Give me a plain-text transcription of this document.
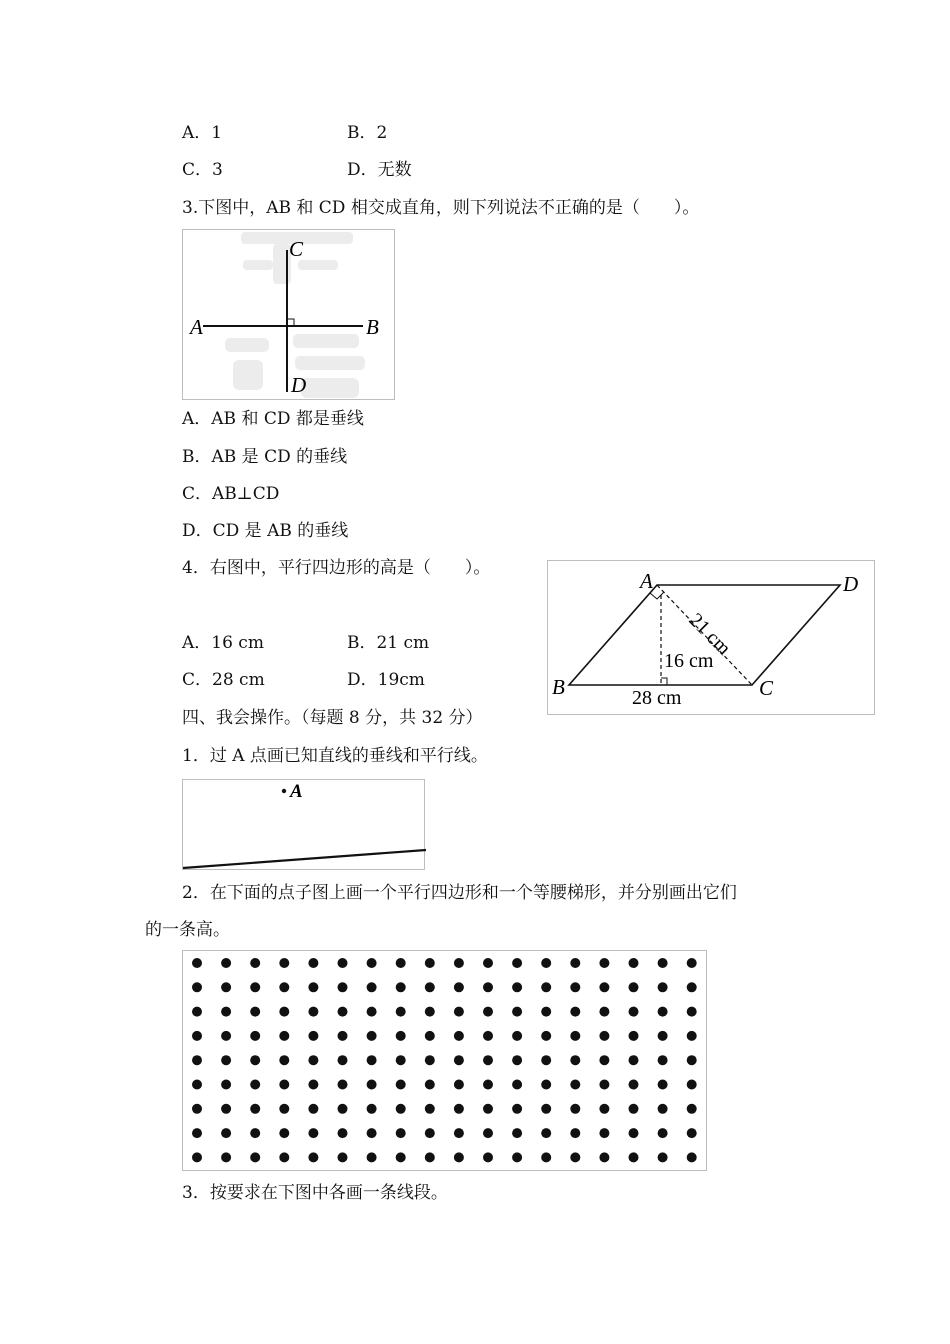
A．1	B．2
C．3	D．无数
3.下图中，AB 和 CD 相交成直角，则下列说法不正确的是（　　）。
A	B
C
D
A．AB 和 CD 都是垂线
B．AB 是 CD 的垂线
C．AB⊥CD
D．CD 是 AB 的垂线
4．右图中，平行四边形的高是（　　）。
A	D
B	C
21 cm
16 cm
28 cm
A．16 cm	B．21 cm
C．28 cm	D．19cm
四、我会操作。（每题 8 分，共 32 分）
1．过 A 点画已知直线的垂线和平行线。
A
2．在下面的点子图上画一个平行四边形和一个等腰梯形，并分别画出它们
的一条高。
3．按要求在下图中各画一条线段。
